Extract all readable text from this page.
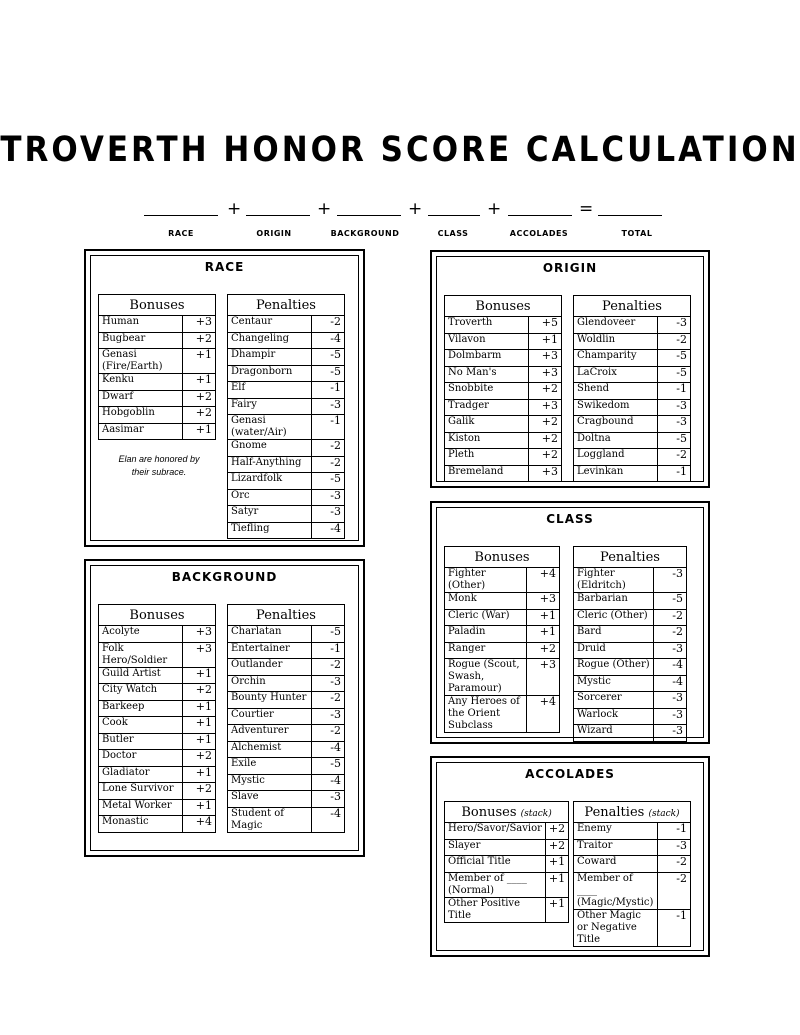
TROVERTH HONOR SCORE CALCULATION
+	+	+	+	=
RACE	ORIGIN	BACKGROUND	CLASS	ACCOLADES	TOTAL
RACE
Bonuses	
Human	+3
Bugbear	+2
Genasi (Fire/Earth)	+1
Kenku	+1
Dwarf	+2
Hobgoblin	+2
Aasimar	+1
Penalties	
Centaur	-2
Changeling	-4
Dhampir	-5
Dragonborn	-5
Elf	-1
Fairy	-3
Genasi (water/Air)	-1
Gnome	-2
Half-Anything	-2
Lizardfolk	-5
Orc	-3
Satyr	-3
Tiefling	-4
Elan are honored by
their subrace.
ORIGIN
Bonuses	
Troverth	+5
Vilavon	+1
Dolmbarm	+3
No Man's	+3
Snobbite	+2
Tradger	+3
Galik	+2
Kiston	+2
Pleth	+2
Bremeland	+3
Penalties	
Glendoveer	-3
Woldlin	-2
Champarity	-5
LaCroix	-5
Shend	-1
Swikedom	-3
Cragbound	-3
Doltna	-5
Loggland	-2
Levinkan	-1
BACKGROUND
Bonuses	
Acolyte	+3
Folk Hero/Soldier	+3
Guild Artist	+1
City Watch	+2
Barkeep	+1
Cook	+1
Butler	+1
Doctor	+2
Gladiator	+1
Lone Survivor	+2
Metal Worker	+1
Monastic	+4
Penalties	
Charlatan	-5
Entertainer	-1
Outlander	-2
Orchin	-3
Bounty Hunter	-2
Courtier	-3
Adventurer	-2
Alchemist	-4
Exile	-5
Mystic	-4
Slave	-3
Student of Magic	-4
CLASS
Bonuses	
Fighter (Other)	+4
Monk	+3
Cleric (War)	+1
Paladin	+1
Ranger	+2
Rogue (Scout, Swash, Paramour)	+3
Any Heroes of the Orient Subclass	+4
Penalties	
Fighter (Eldritch)	-3
Barbarian	-5
Cleric (Other)	-2
Bard	-2
Druid	-3
Rogue (Other)	-4
Mystic	-4
Sorcerer	-3
Warlock	-3
Wizard	-3
ACCOLADES
Bonuses (stack)	
Hero/Savor/Savior	+2
Slayer	+2
Official Title	+1
Member of ____ (Normal)	+1
Other Positive Title	+1
Penalties (stack)	
Enemy	-1
Traitor	-3
Coward	-2
Member of ____ (Magic/Mystic)	-2
Other Magic or Negative Title	-1
